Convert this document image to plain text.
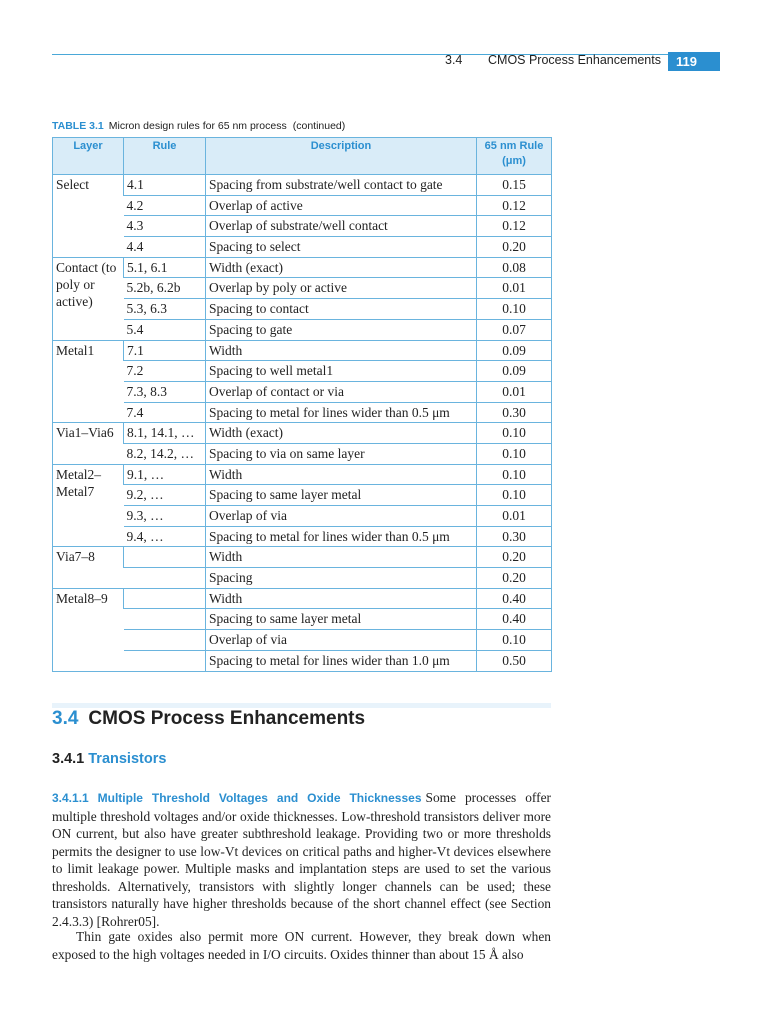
3.4 CMOS Process Enhancements	119
TABLE 3.1 Micron design rules for 65 nm process (continued)
Layer	Rule	Description	65 nm Rule
(μm)
Select	4.1	Spacing from substrate/well contact to gate	0.15
	4.2	Overlap of active	0.12
	4.3	Overlap of substrate/well contact	0.12
	4.4	Spacing to select	0.20
Contact (to poly or active)	5.1, 6.1	Width (exact)	0.08
	5.2b, 6.2b	Overlap by poly or active	0.01
	5.3, 6.3	Spacing to contact	0.10
	5.4	Spacing to gate	0.07
Metal1	7.1	Width	0.09
	7.2	Spacing to well metal1	0.09
	7.3, 8.3	Overlap of contact or via	0.01
	7.4	Spacing to metal for lines wider than 0.5 μm	0.30
Via1–Via6	8.1, 14.1, …	Width (exact)	0.10
	8.2, 14.2, …	Spacing to via on same layer	0.10
Metal2– Metal7	9.1, …	Width	0.10
	9.2, …	Spacing to same layer metal	0.10
	9.3, …	Overlap of via	0.01
	9.4, …	Spacing to metal for lines wider than 0.5 μm	0.30
Via7–8		Width	0.20
		Spacing	0.20
Metal8–9		Width	0.40
		Spacing to same layer metal	0.40
		Overlap of via	0.10
		Spacing to metal for lines wider than 1.0 μm	0.50
3.4 CMOS Process Enhancements
3.4.1 Transistors
3.4.1.1 Multiple Threshold Voltages and Oxide Thicknesses Some processes offer multiple threshold voltages and/or oxide thicknesses. Low-threshold transistors deliver more ON current, but also have greater subthreshold leakage. Providing two or more thresholds permits the designer to use low-Vt devices on critical paths and higher-Vt devices elsewhere to limit leakage power. Multiple masks and implantation steps are used to set the various thresholds. Alternatively, transistors with slightly longer channels can be used; these transistors naturally have higher thresholds because of the short channel effect (see Section 2.4.3.3) [Rohrer05].
Thin gate oxides also permit more ON current. However, they break down when exposed to the high voltages needed in I/O circuits. Oxides thinner than about 15 Å also
